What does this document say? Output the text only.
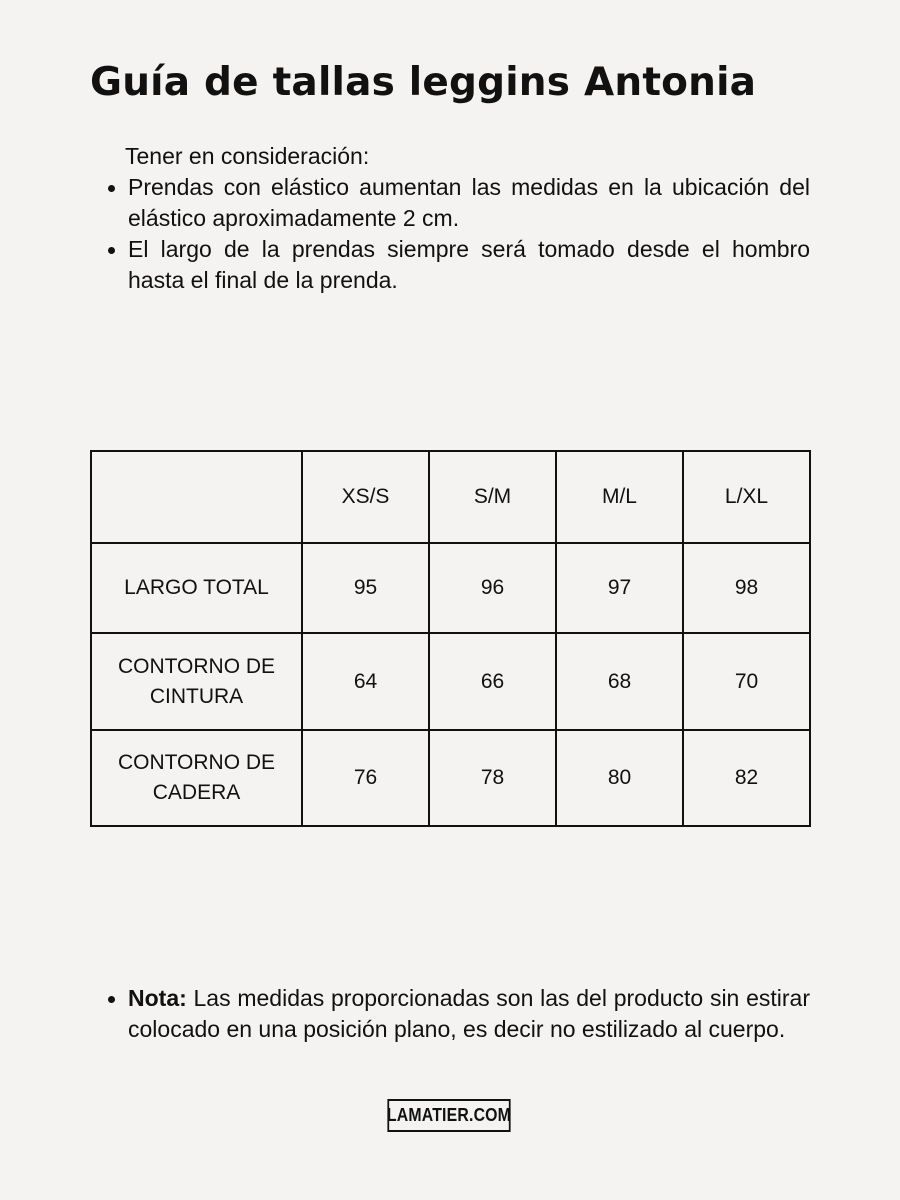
Guía de tallas leggins Antonia
Tener en consideración:
Prendas con elástico aumentan las medidas en la ubicación del elástico aproximadamente 2 cm.
El largo de la prendas siempre será tomado desde el hombro hasta el final de la prenda.
	XS/S	S/M	M/L	L/XL
LARGO TOTAL	95	96	97	98
CONTORNO DE
CINTURA	64	66	68	70
CONTORNO DE
CADERA	76	78	80	82
Nota: Las medidas proporcionadas son las del producto sin estirar colocado en una posición plano, es decir no estilizado al cuerpo.
LAMATIER.COM
